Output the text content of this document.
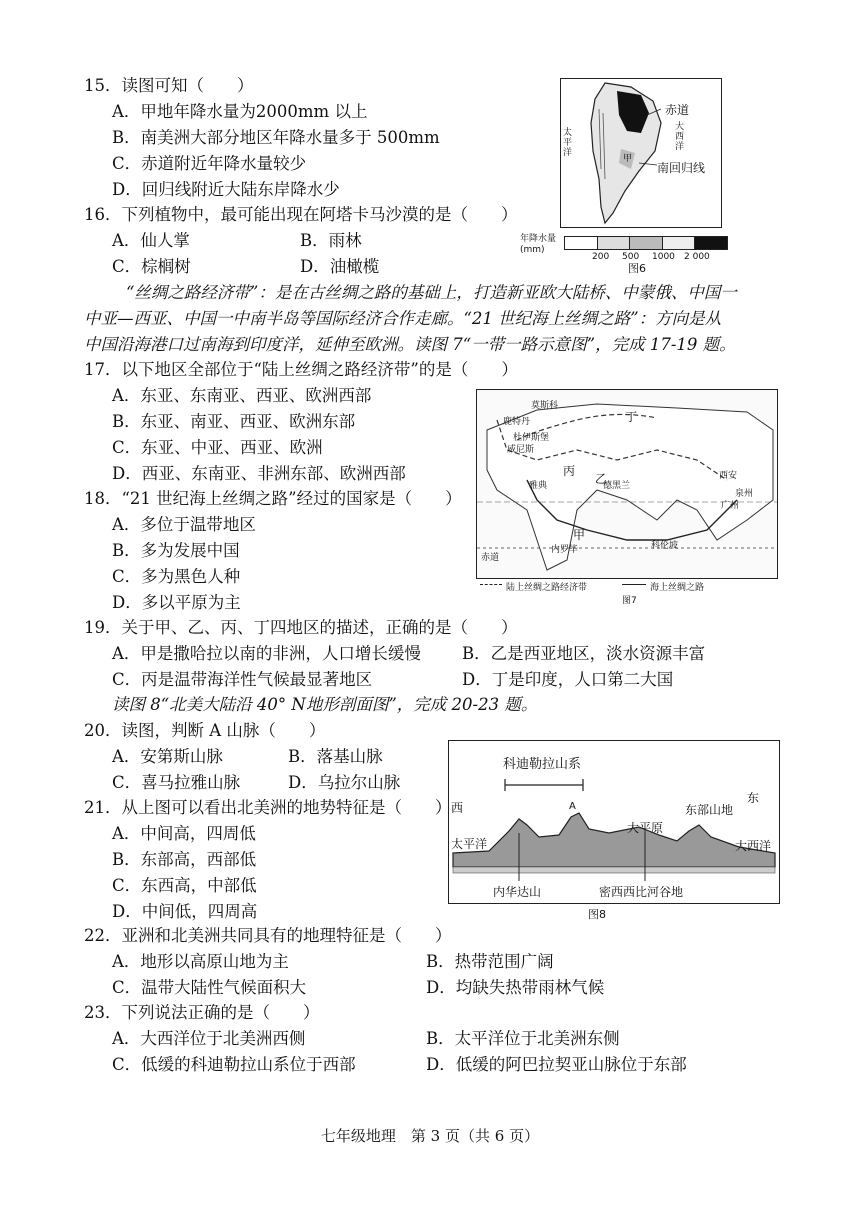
15．读图可知（　　）
A．甲地年降水量为2000mm 以上
B．南美洲大部分地区年降水量多于 500mm
C．赤道附近年降水量较少
D．回归线附近大陆东岸降水少
16．下列植物中，最可能出现在阿塔卡马沙漠的是（　　）
A．仙人掌	B．雨林
C．棕榈树	D．油橄榄
赤道
太平洋
大西洋
南回归线
甲
年降水量(mm)
200 500 1000 2 000
图6
“丝绸之路经济带”：是在古丝绸之路的基础上，打造新亚欧大陆桥、中蒙俄、中国一
中亚—西亚、中国一中南半岛等国际经济合作走廊。“21 世纪海上丝绸之路”：方向是从
中国沿海港口过南海到印度洋，延伸至欧洲。读图 7“一带一路示意图”，完成 17-19 题。
17．以下地区全部位于“陆上丝绸之路经济带”的是（　　）
A．东亚、东南亚、西亚、欧洲西部
B．东亚、南亚、西亚、欧洲东部
C．东亚、中亚、西亚、欧洲
D．西亚、东南亚、非洲东部、欧洲西部
18．“21 世纪海上丝绸之路”经过的国家是（　　）
A．多位于温带地区
B．多为发展中国
C．多为黑色人种
D．多以平原为主
莫斯科
鹿特丹
杜伊斯堡
威尼斯
雅典	德黑兰
西安
泉州
广州
内罗毕	科伦坡
丁
乙
丙
甲
赤道
陆上丝绸之路经济带	海上丝绸之路
图7
19．关于甲、乙、丙、丁四地区的描述，正确的是（　　）
A．甲是撒哈拉以南的非洲，人口增长缓慢 B．乙是西亚地区，淡水资源丰富
C．丙是温带海洋性气候最显著地区	D．丁是印度，人口第二大国
读图 8“北美大陆沿 40° N地形剖面图”，完成 20-23 题。
20．读图，判断 A 山脉（　　）
A．安第斯山脉	B．落基山脉
C．喜马拉雅山脉	D．乌拉尔山脉
21．从上图可以看出北美洲的地势特征是（　　）
A．中间高，四周低
B．东部高，西部低
C．东西高，中部低
D．中间低，四周高
科迪勒拉山系
西
东
A
太平洋	大西洋
大平原
东部山地
内华达山	密西西比河谷地
图8
22．亚洲和北美洲共同具有的地理特征是（　　）
A．地形以高原山地为主	B．热带范围广阔
C．温带大陆性气候面积大	D．均缺失热带雨林气候
23．下列说法正确的是（　　）
A．大西洋位于北美洲西侧	B．太平洋位于北美洲东侧
C．低缓的科迪勒拉山系位于西部	D．低缓的阿巴拉契亚山脉位于东部
七年级地理　第 3 页（共 6 页）
